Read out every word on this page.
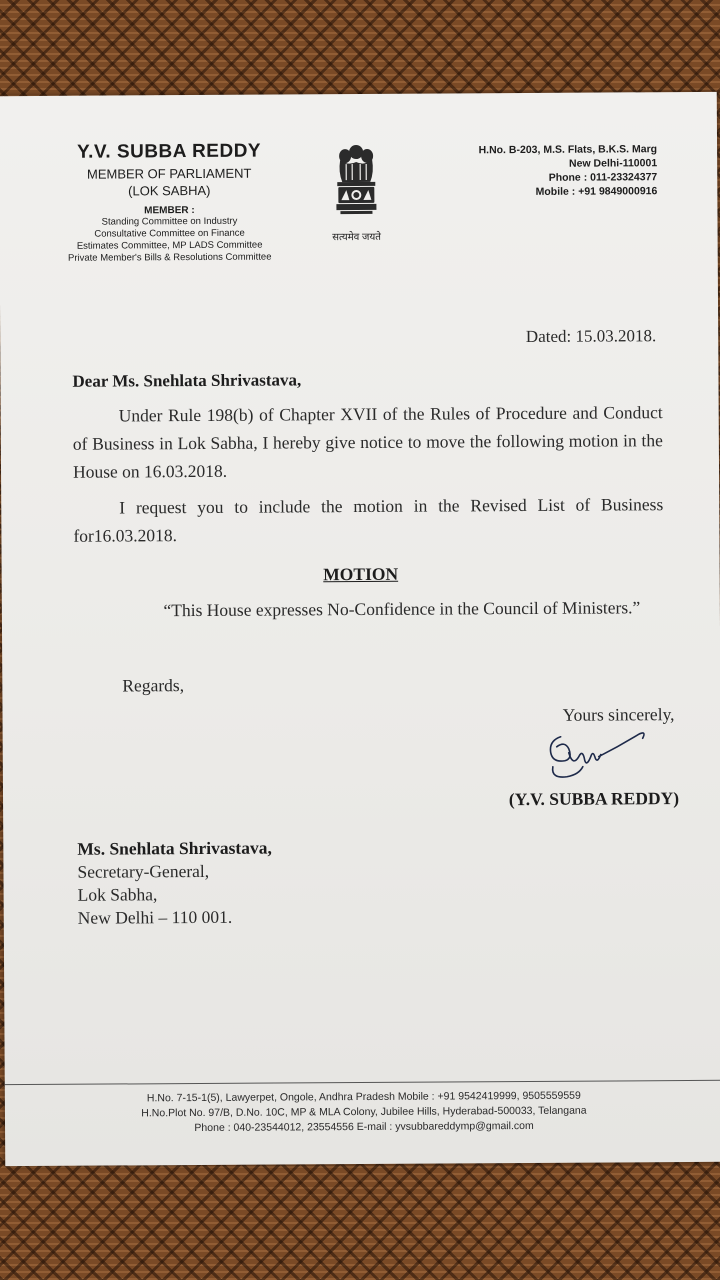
Y.V. SUBBA REDDY
MEMBER OF PARLIAMENT
(LOK SABHA)
MEMBER :
Standing Committee on Industry
Consultative Committee on Finance
Estimates Committee, MP LADS Committee
Private Member's Bills & Resolutions Committee
सत्यमेव जयते
H.No. B-203, M.S. Flats, B.K.S. Marg
New Delhi-110001
Phone : 011-23324377
Mobile : +91 9849000916
Dated: 15.03.2018.
Dear Ms. Snehlata Shrivastava,
Under Rule 198(b) of Chapter XVII of the Rules of Procedure and Conduct of Business in Lok Sabha, I hereby give notice to move the following motion in the House on 16.03.2018.
I request you to include the motion in the Revised List of Business for16.03.2018.
MOTION
“This House expresses No-Confidence in the Council of Ministers.”
Regards,
Yours sincerely,
(Y.V. SUBBA REDDY)
Ms. Snehlata Shrivastava,
Secretary-General,
Lok Sabha,
New Delhi – 110 001.
H.No. 7-15-1(5), Lawyerpet, Ongole, Andhra Pradesh Mobile : +91 9542419999, 9505559559
H.No.Plot No. 97/B, D.No. 10C, MP & MLA Colony, Jubilee Hills, Hyderabad-500033, Telangana
Phone : 040-23544012, 23554556 E-mail : yvsubbareddymp@gmail.com
